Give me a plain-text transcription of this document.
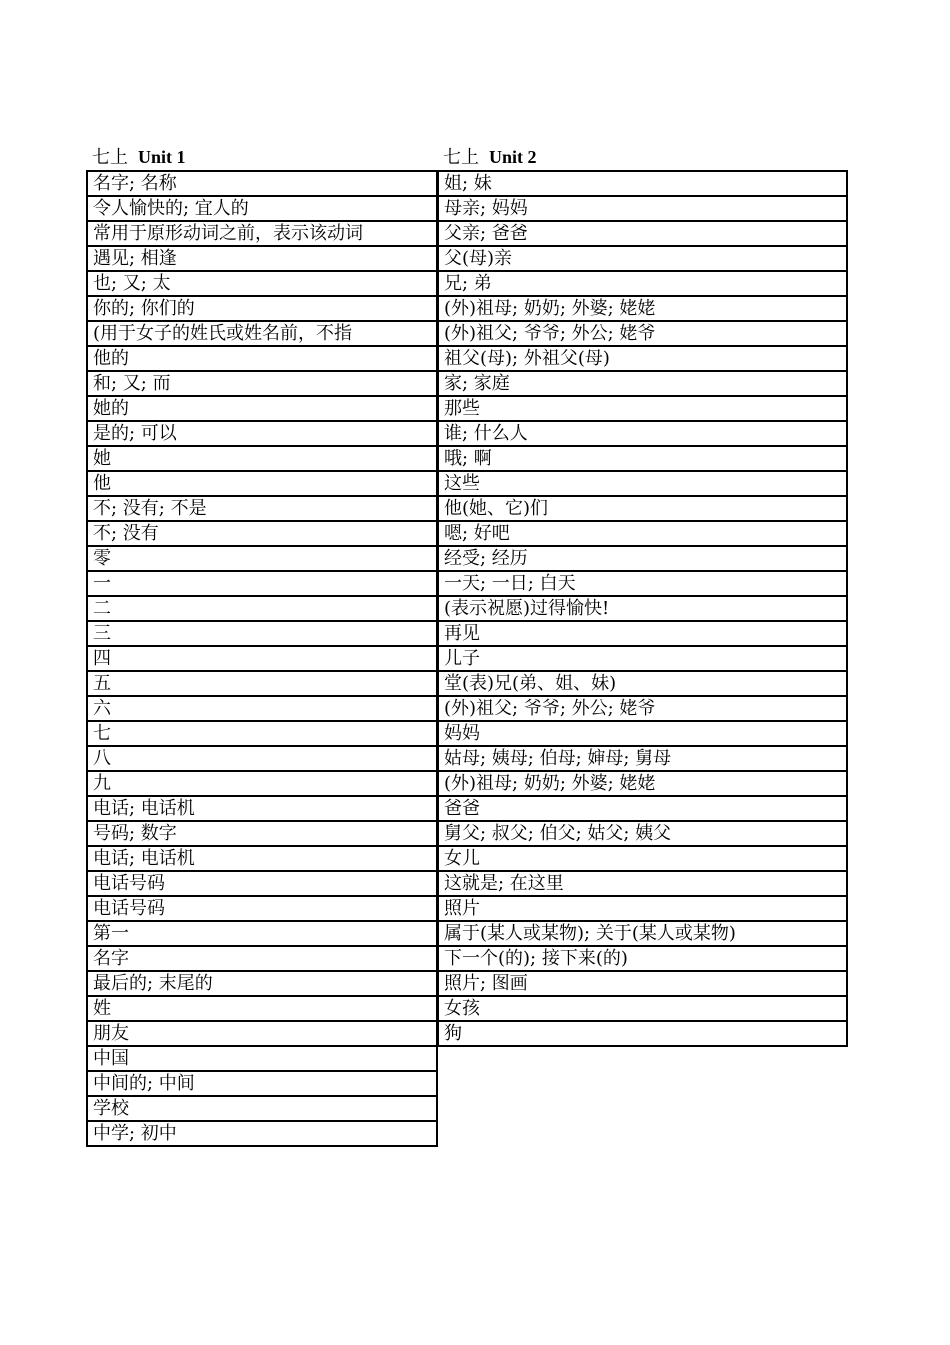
七上 Unit 1
名字; 名称
令人愉快的; 宜人的
常用于原形动词之前，表示该动词
遇见; 相逢
也; 又; 太
你的; 你们的
(用于女子的姓氏或姓名前，不指
他的
和; 又; 而
她的
是的; 可以
她
他
不; 没有; 不是
不; 没有
零
一
二
三
四
五
六
七
八
九
电话; 电话机
号码; 数字
电话; 电话机
电话号码
电话号码
第一
名字
最后的; 末尾的
姓
朋友
中国
中间的; 中间
学校
中学; 初中
七上 Unit 2
姐; 妹
母亲; 妈妈
父亲; 爸爸
父(母)亲
兄; 弟
(外)祖母; 奶奶; 外婆; 姥姥
(外)祖父; 爷爷; 外公; 姥爷
祖父(母); 外祖父(母)
家; 家庭
那些
谁; 什么人
哦; 啊
这些
他(她、它)们
嗯; 好吧
经受; 经历
一天; 一日; 白天
(表示祝愿)过得愉快!
再见
儿子
堂(表)兄(弟、姐、妹)
(外)祖父; 爷爷; 外公; 姥爷
妈妈
姑母; 姨母; 伯母; 婶母; 舅母
(外)祖母; 奶奶; 外婆; 姥姥
爸爸
舅父; 叔父; 伯父; 姑父; 姨父
女儿
这就是; 在这里
照片
属于(某人或某物); 关于(某人或某物)
下一个(的); 接下来(的)
照片; 图画
女孩
狗
